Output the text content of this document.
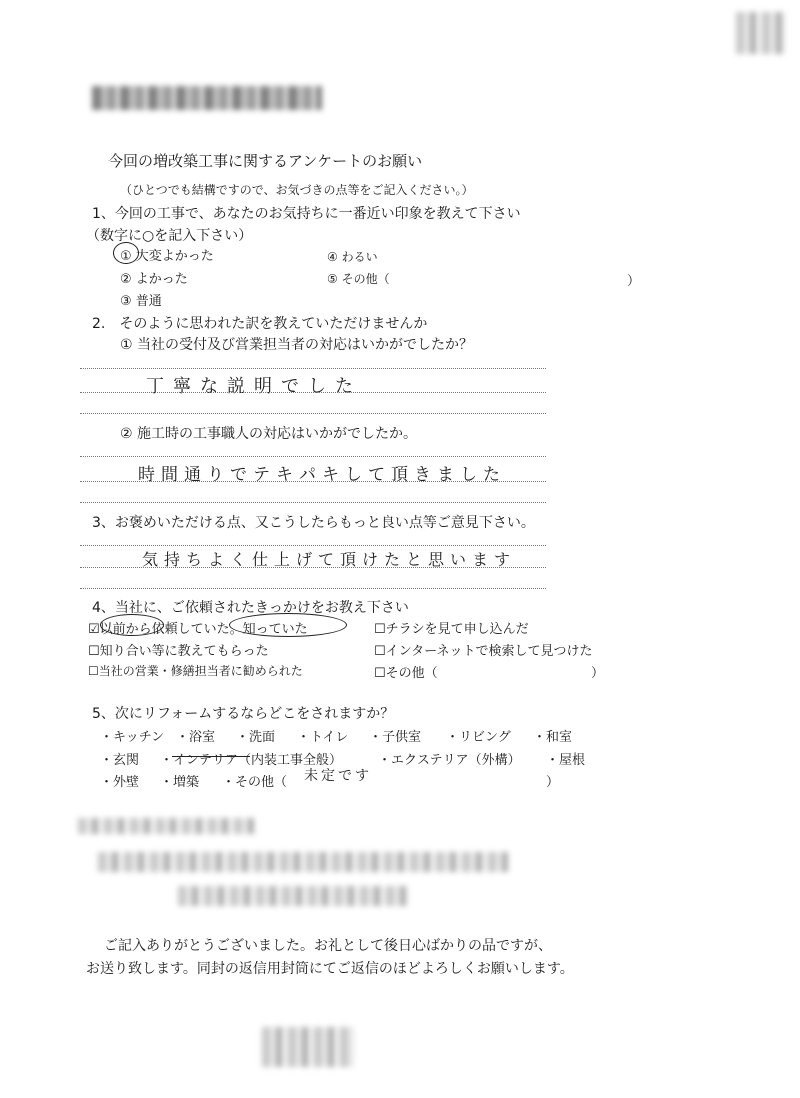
今回の増改築工事に関するアンケートのお願い
（ひとつでも結構ですので、お気づきの点等をご記入ください。）
1、今回の工事で、あなたのお気持ちに一番近い印象を教えて下さい
（数字に○を記入下さい）
① 大変よかった
② よかった
③ 普通
④ わるい
⑤ その他（	）
2.　そのように思われた訳を教えていただけませんか
① 当社の受付及び営業担当者の対応はいかがでしたか？
丁寧な説明でした
② 施工時の工事職人の対応はいかがでしたか。
時間通りでテキパキして頂きました
3、お褒めいただける点、又こうしたらもっと良い点等ご意見下さい。
気持ちよく仕上げて頂けたと思います
4、当社に、ご依頼されたきっかけをお教え下さい
☑以前から依頼していた。知っていた	☐チラシを見て申し込んだ
☐知り合い等に教えてもらった	☐インターネットで検索して見つけた
☐当社の営業・修繕担当者に勧められた	☐その他（	）
5、次にリフォームするならどこをされますか？
・キッチン ・浴室 ・洗面 ・トイレ ・子供室 ・リビング ・和室
・玄関 ・インテリア（内装工事全般）	・エクステリア（外構） ・屋根
・外壁 ・増築 ・その他（ 未定です	）
ご記入ありがとうございました。お礼として後日心ばかりの品ですが、
お送り致します。同封の返信用封筒にてご返信のほどよろしくお願いします。
